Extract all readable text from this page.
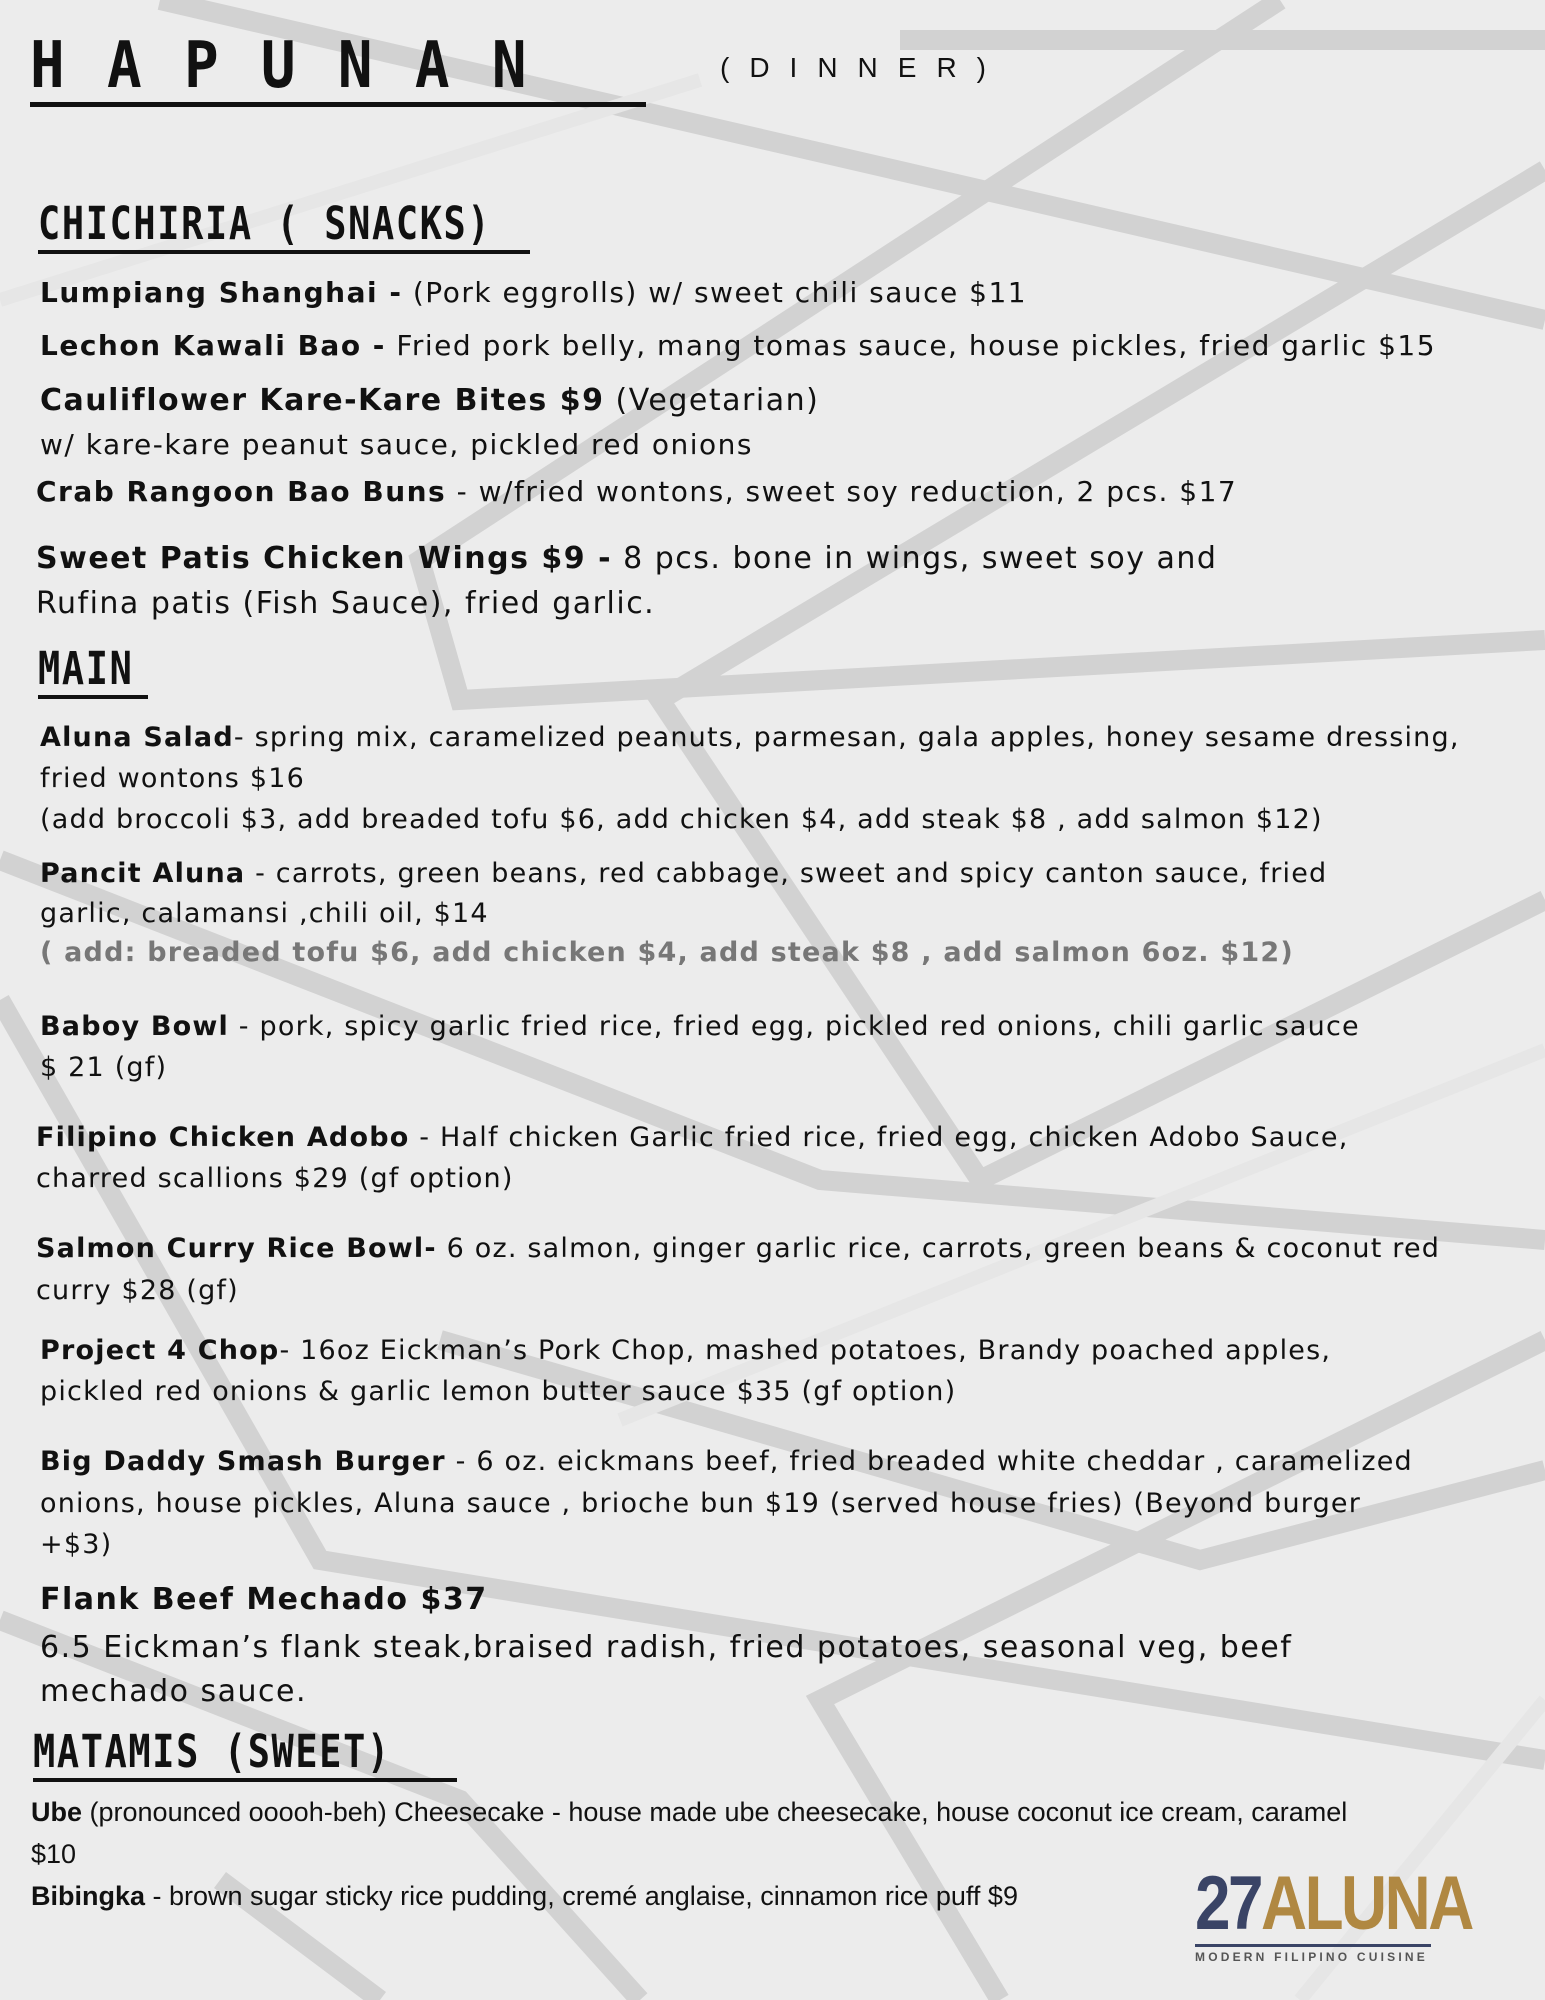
HAPUNAN	(DINNER)
CHICHIRIA ( SNACKS)
Lumpiang Shanghai - (Pork eggrolls) w/ sweet chili sauce $11
Lechon Kawali Bao - Fried pork belly, mang tomas sauce, house pickles, fried garlic $15
Cauliflower Kare-Kare Bites $9 (Vegetarian)
w/ kare-kare peanut sauce, pickled red onions
Crab Rangoon Bao Buns - w/fried wontons, sweet soy reduction, 2 pcs. $17
Sweet Patis Chicken Wings $9 - 8 pcs. bone in wings, sweet soy and
Rufina patis (Fish Sauce), fried garlic.
MAIN
Aluna Salad- spring mix, caramelized peanuts, parmesan, gala apples, honey sesame dressing,
fried wontons $16
(add broccoli $3, add breaded tofu $6, add chicken $4, add steak $8 , add salmon $12)
Pancit Aluna - carrots, green beans, red cabbage, sweet and spicy canton sauce, fried
garlic, calamansi ,chili oil, $14
( add: breaded tofu $6, add chicken $4, add steak $8 , add salmon 6oz. $12)
Baboy Bowl - pork, spicy garlic fried rice, fried egg, pickled red onions, chili garlic sauce
$ 21 (gf)
Filipino Chicken Adobo - Half chicken Garlic fried rice, fried egg, chicken Adobo Sauce,
charred scallions $29 (gf option)
Salmon Curry Rice Bowl- 6 oz. salmon, ginger garlic rice, carrots, green beans & coconut red
curry $28 (gf)
Project 4 Chop- 16oz Eickman’s Pork Chop, mashed potatoes, Brandy poached apples,
pickled red onions & garlic lemon butter sauce $35 (gf option)
Big Daddy Smash Burger - 6 oz. eickmans beef, fried breaded white cheddar , caramelized
onions, house pickles, Aluna sauce , brioche bun $19 (served house fries) (Beyond burger
+$3)
Flank Beef Mechado $37
6.5 Eickman’s flank steak,braised radish, fried potatoes, seasonal veg, beef
mechado sauce.
MATAMIS (SWEET)
Ube (pronounced ooooh-beh) Cheesecake - house made ube cheesecake, house coconut ice cream, caramel
$10
Bibingka - brown sugar sticky rice pudding, cremé anglaise, cinnamon rice puff $9 27ALUNA
MODERN FILIPINO CUISINE
